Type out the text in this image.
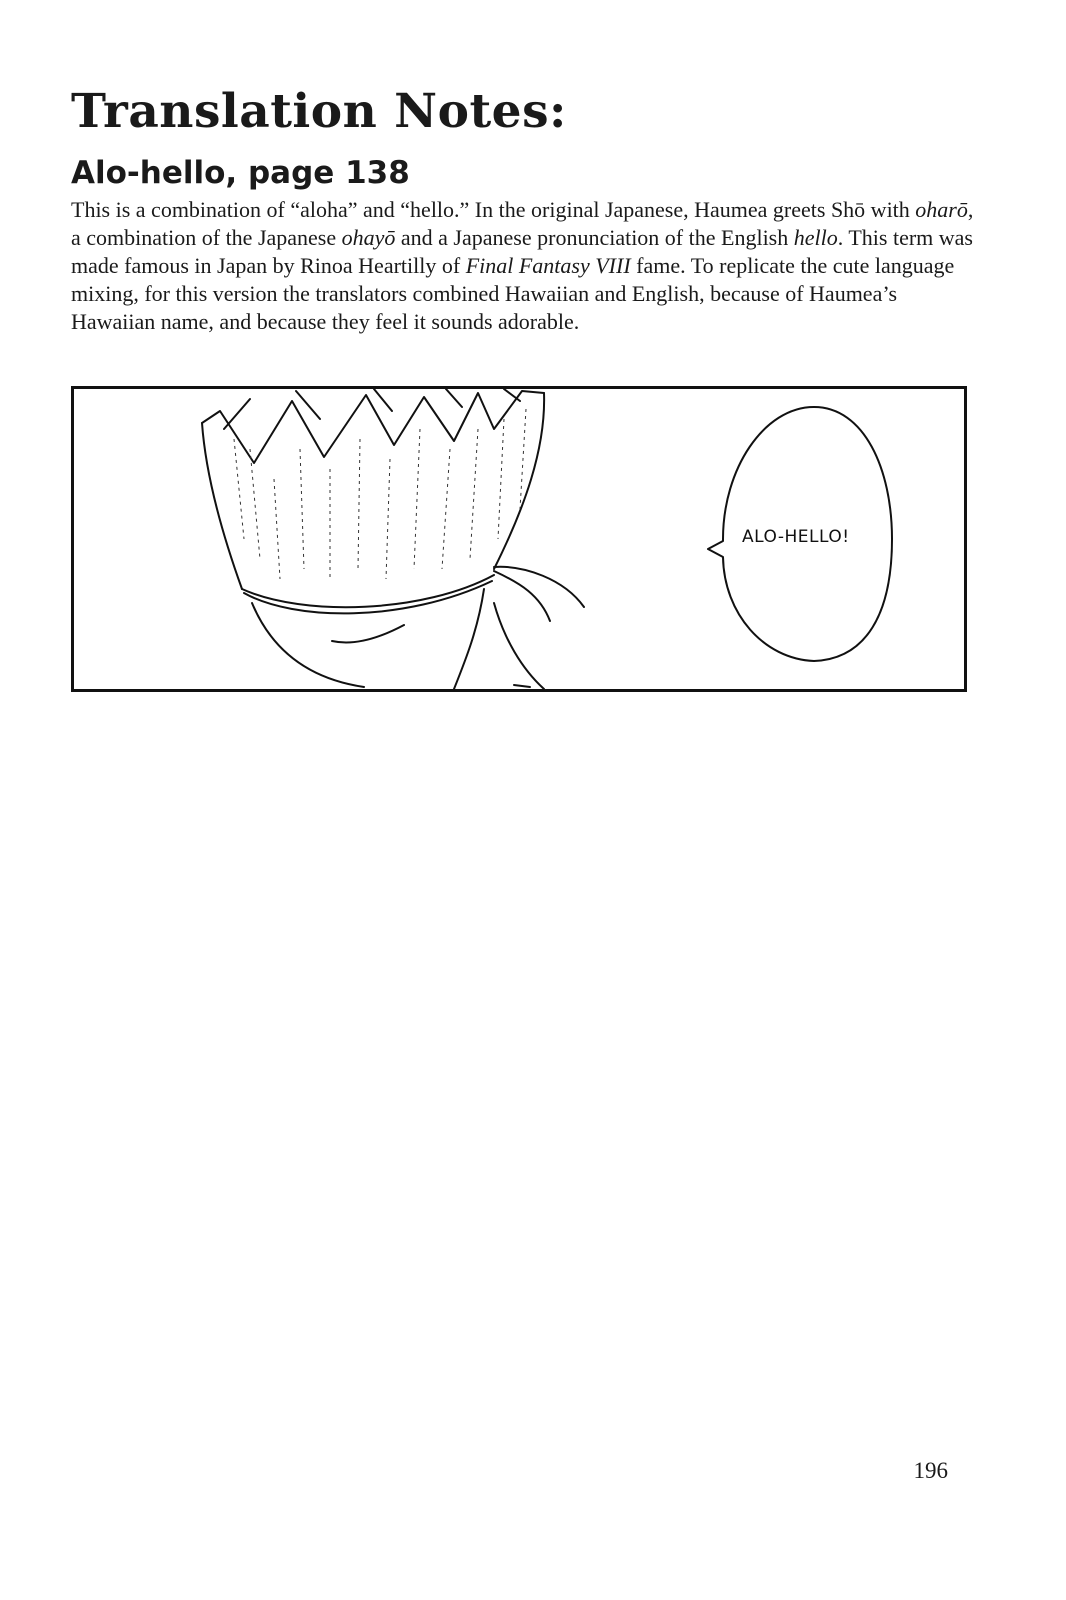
Translation Notes:
Alo-hello, page 138

This is a combination of “aloha” and “hello.” In the original Japanese, Haumea greets Shō with oharō, a combination of the Japanese ohayō and a Japanese pronunciation of the English hello. This term was made famous in Japan by Rinoa Heartilly of Final Fantasy VIII fame. To replicate the cute language mixing, for this version the translators combined Hawaiian and English, because of Haumea’s Hawaiian name, and because they feel it sounds adorable.

ALO-HELLO!
196
